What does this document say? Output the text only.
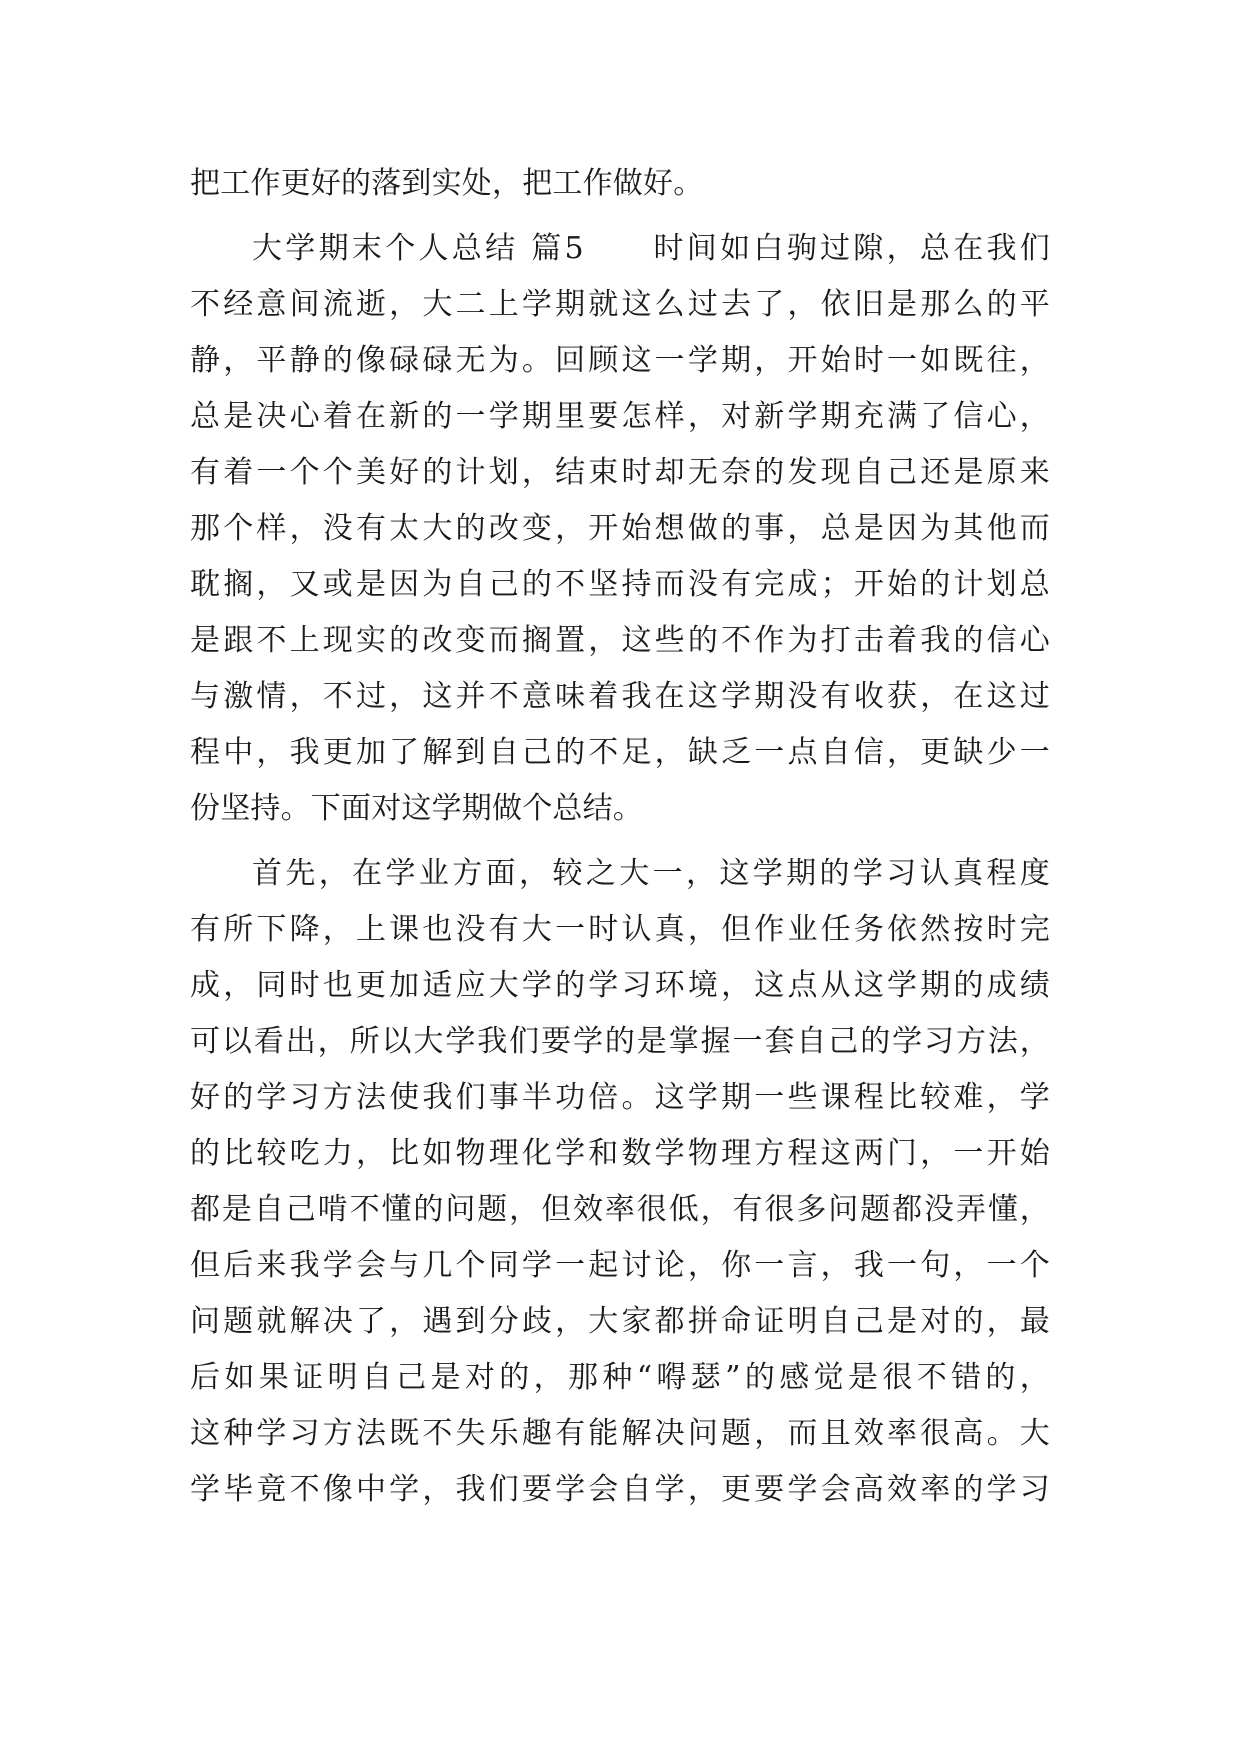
把工作更好的落到实处，把工作做好。
大学期末个人总结 篇5　　时间如白驹过隙，总在我们
不经意间流逝，大二上学期就这么过去了，依旧是那么的平
静，平静的像碌碌无为。回顾这一学期，开始时一如既往，
总是决心着在新的一学期里要怎样，对新学期充满了信心，
有着一个个美好的计划，结束时却无奈的发现自己还是原来
那个样，没有太大的改变，开始想做的事，总是因为其他而
耽搁，又或是因为自己的不坚持而没有完成；开始的计划总
是跟不上现实的改变而搁置，这些的不作为打击着我的信心
与激情，不过，这并不意味着我在这学期没有收获，在这过
程中，我更加了解到自己的不足，缺乏一点自信，更缺少一
份坚持。下面对这学期做个总结。
首先，在学业方面，较之大一，这学期的学习认真程度
有所下降，上课也没有大一时认真，但作业任务依然按时完
成，同时也更加适应大学的学习环境，这点从这学期的成绩
可以看出，所以大学我们要学的是掌握一套自己的学习方法，
好的学习方法使我们事半功倍。这学期一些课程比较难，学
的比较吃力，比如物理化学和数学物理方程这两门，一开始
都是自己啃不懂的问题，但效率很低，有很多问题都没弄懂，
但后来我学会与几个同学一起讨论，你一言，我一句，一个
问题就解决了，遇到分歧，大家都拼命证明自己是对的，最
后如果证明自己是对的，那种“嘚瑟”的感觉是很不错的，
这种学习方法既不失乐趣有能解决问题，而且效率很高。大
学毕竟不像中学，我们要学会自学，更要学会高效率的学习
